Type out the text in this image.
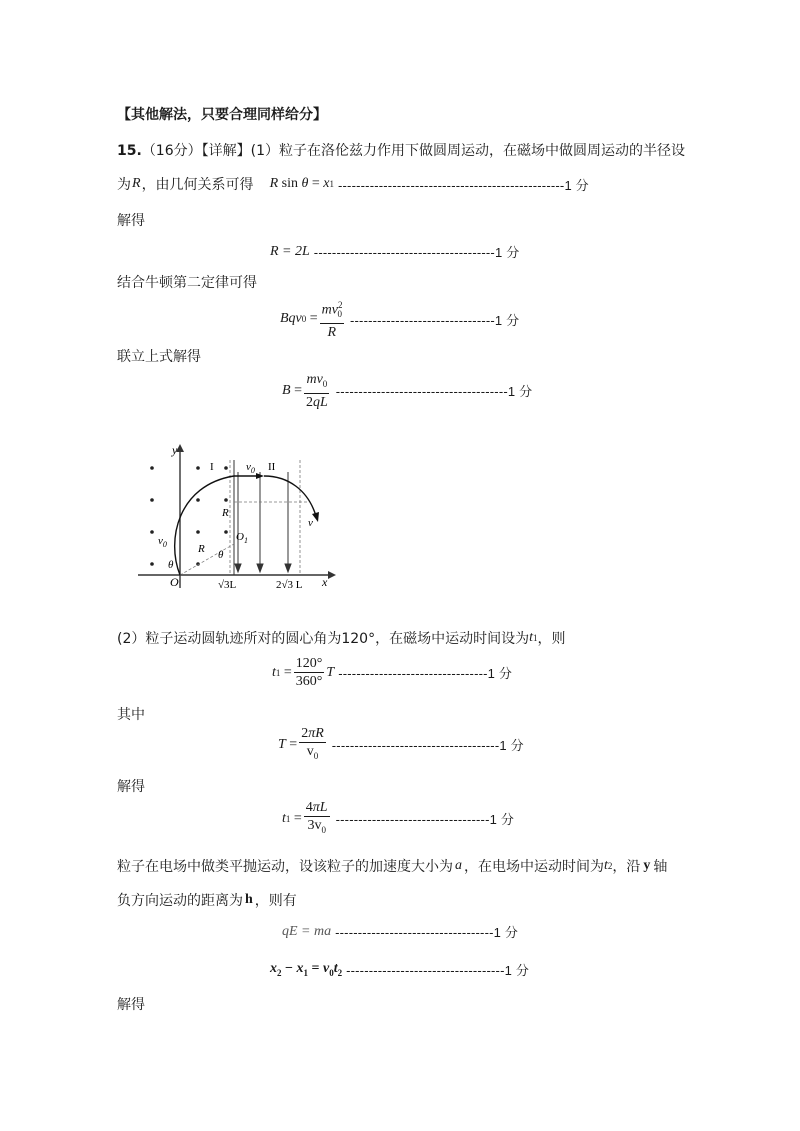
【其他解法，只要合理同样给分】
15.（16分）【详解】(1）粒子在洛伦兹力作用下做圆周运动，在磁场中做圆周运动的半径设
为 R ，由几何关系可得 R sin θ = x 1 --------------------------------------------------1 分
解得
R = 2L ----------------------------------------1 分
结合牛顿第二定律可得
Bqv $0 = \frac{mv^2_0}{R} --------------------------------1$ 分
联立上式解得
$B = \frac{mv_0}{2qL} --------------------------------------1$ 分
y
x
O
$O_1$
R
R θ
θ
$v_0$
$v_0$
v
I	II
√3L	2√3 L
(2）粒子运动圆轨迹所对的圆心角为120°，在磁场中运动时间设为 t 1 ，则
t $1 = \frac{120^\circ}{360^\circ}$ T ---------------------------------1 分
其中
$T = \frac{2\pi R}{v_0} -------------------------------------1$ 分
解得
t $1 = \frac{4\pi L}{3v_0} ----------------------------------1$ 分
粒子在电场中做类平抛运动，设该粒子的加速度大小为 a ，在电场中运动时间为 t 2 ，沿 y 轴
负方向运动的距离为 h ，则有
qE = ma -----------------------------------1 分
$x_2 - x_1 = v_0t_2$ -----------------------------------1 分
解得
